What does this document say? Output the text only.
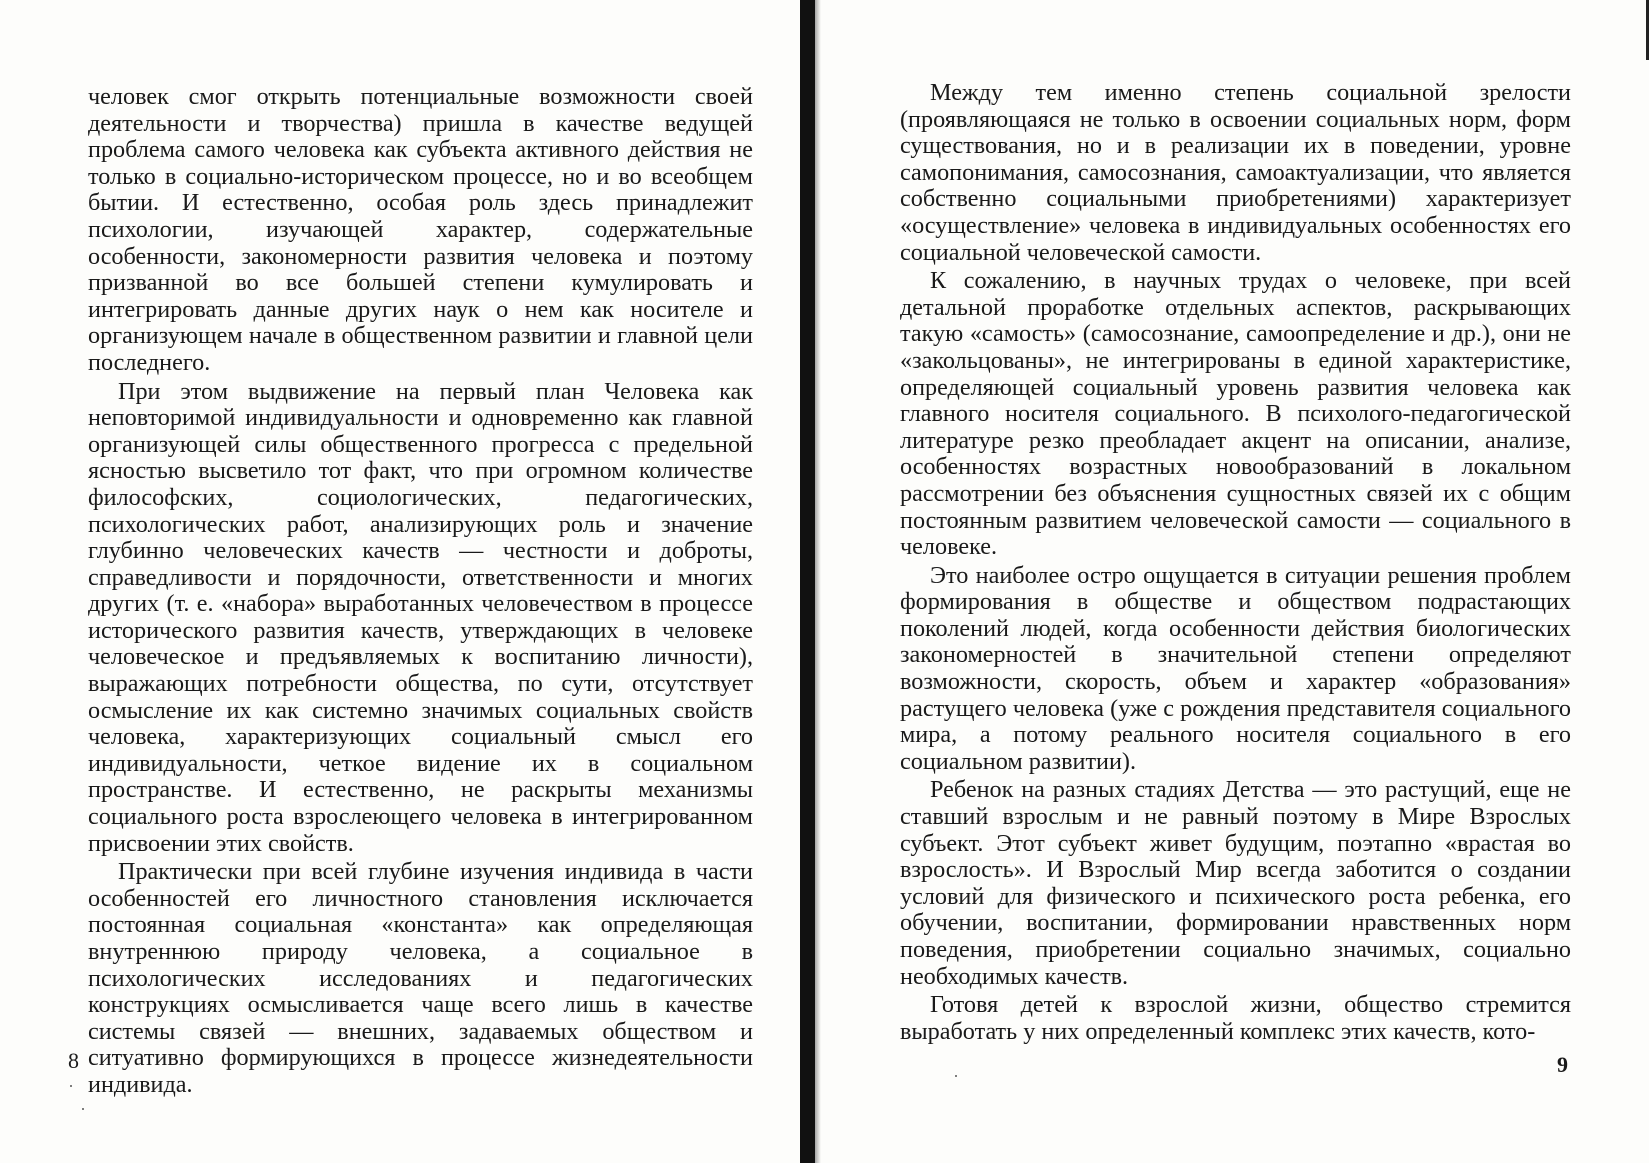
человек смог открыть потенциальные возможности своей деятельности и творчества) пришла в качестве ведущей проблема самого человека как субъекта активного действия не только в социально-историческом процессе, но и во всеобщем бытии. И естественно, особая роль здесь принадлежит психологии, изучающей характер, содержательные особенности, закономерности развития человека и поэтому призванной во все большей степени кумулировать и интегрировать данные других наук о нем как носителе и организующем начале в общественном развитии и главной цели последнего.

При этом выдвижение на первый план Человека как неповторимой индивидуальности и одновременно как главной организующей силы общественного прогресса с предельной ясностью высветило тот факт, что при огромном количестве философских, социологических, педагогических, психологических работ, анализирующих роль и значение глубинно человеческих качеств — честности и доброты, справедливости и порядочности, ответственности и многих других (т. е. «набора» выработанных человечеством в процессе исторического развития качеств, утверждающих в человеке человеческое и предъявляемых к воспитанию личности), выражающих потребности общества, по сути, отсутствует осмысление их как системно значимых социальных свойств человека, характеризующих социальный смысл его индивидуальности, четкое видение их в социальном пространстве. И естественно, не раскрыты механизмы социального роста взрослеющего человека в интегрированном присвоении этих свойств.

Практически при всей глубине изучения индивида в части особенностей его личностного становления исключается постоянная социальная «константа» как определяющая внутреннюю природу человека, а социальное в психологических исследованиях и педагогических конструкциях осмысливается чаще всего лишь в качестве системы связей — внешних, задаваемых обществом и ситуативно формирующихся в процессе жизнедеятельности индивида.

8

Между тем именно степень социальной зрелости (проявляющаяся не только в освоении социальных норм, форм существования, но и в реализации их в поведении, уровне самопонимания, самосознания, самоактуализации, что является собственно социальными приобретениями) характеризует «осуществление» человека в индивидуальных особенностях его социальной человеческой самости.

К сожалению, в научных трудах о человеке, при всей детальной проработке отдельных аспектов, раскрывающих такую «самость» (самосознание, самоопределение и др.), они не «закольцованы», не интегрированы в единой характеристике, определяющей социальный уровень развития человека как главного носителя социального. В психолого-педагогической литературе резко преобладает акцент на описании, анализе, особенностях возрастных новообразований в локальном рассмотрении без объяснения сущностных связей их с общим постоянным развитием человеческой самости — социального в человеке.

Это наиболее остро ощущается в ситуации решения проблем формирования в обществе и обществом подрастающих поколений людей, когда особенности действия биологических закономерностей в значительной степени определяют возможности, скорость, объем и характер «образования» растущего человека (уже с рождения представителя социального мира, а потому реального носителя социального в его социальном развитии).

Ребенок на разных стадиях Детства — это растущий, еще не ставший взрослым и не равный поэтому в Мире Взрослых субъект. Этот субъект живет будущим, поэтапно «врастая во взрослость». И Взрослый Мир всегда заботится о создании условий для физического и психического роста ребенка, его обучении, воспитании, формировании нравственных норм поведения, приобретении социально значимых, социально необходимых качеств.

Готовя детей к взрослой жизни, общество стремится выработать у них определенный комплекс этих качеств, кото-

9
